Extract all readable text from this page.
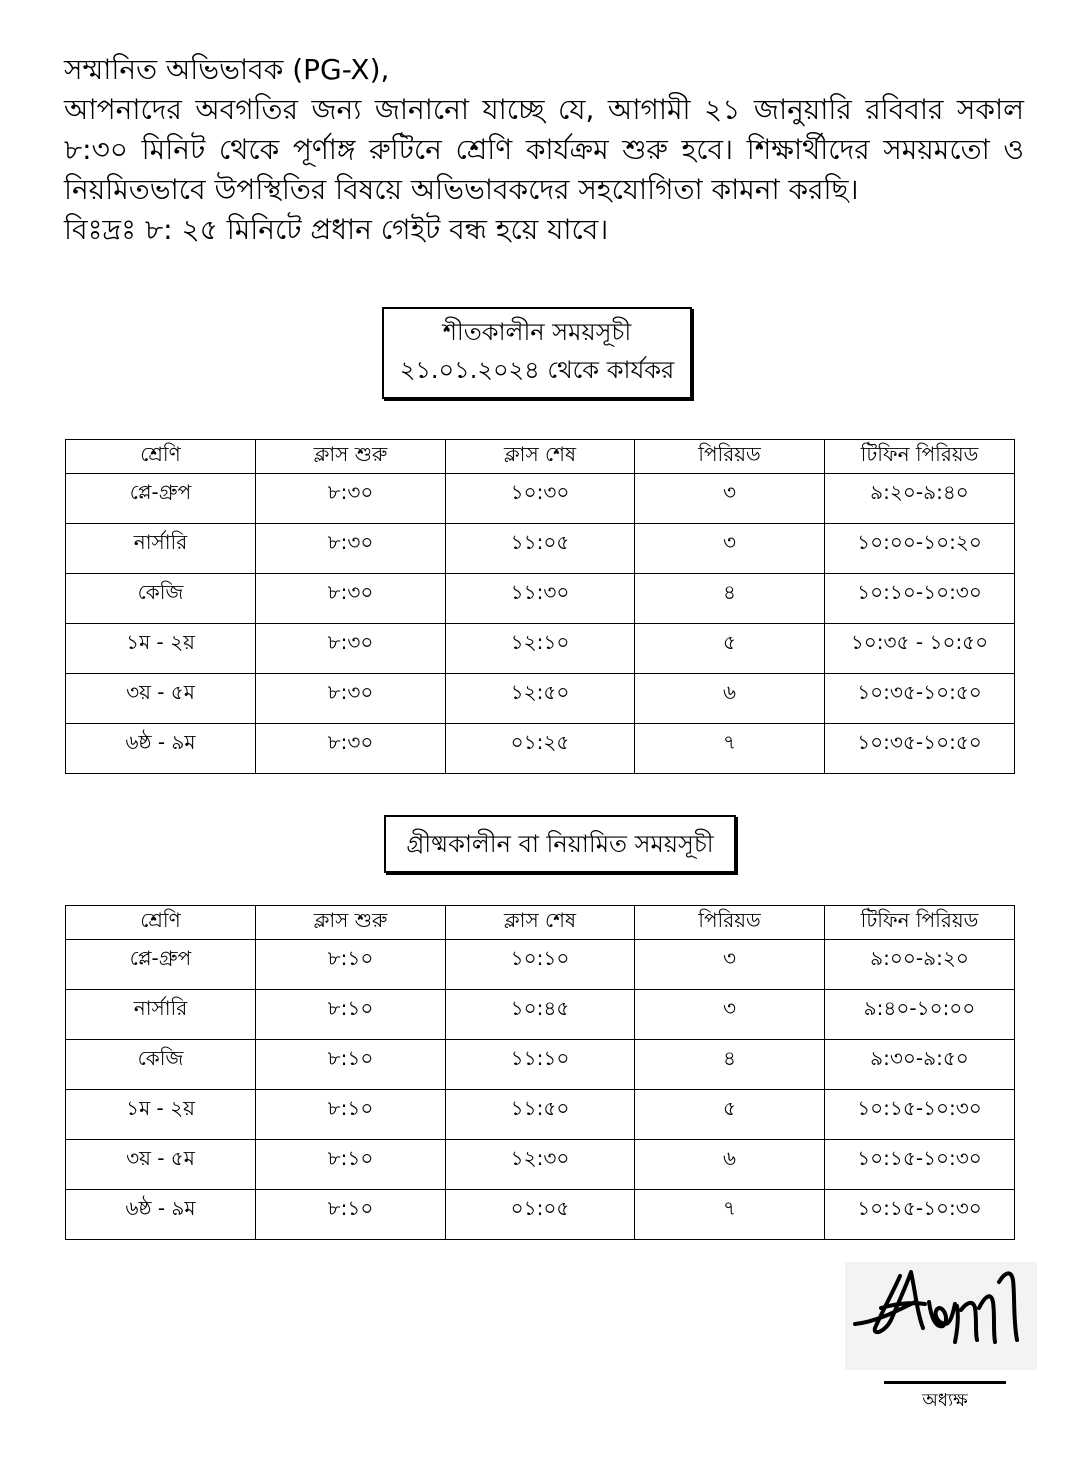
সম্মানিত অভিভাবক (PG-X),

আপনাদের অবগতির জন্য জানানো যাচ্ছে যে, আগামী ২১ জানুয়ারি রবিবার সকাল ৮:৩০ মিনিট থেকে পূর্ণাঙ্গ রুটিনে শ্রেণি কার্যক্রম শুরু হবে। শিক্ষার্থীদের সময়মতো ও নিয়মিতভাবে উপস্থিতির বিষয়ে অভিভাবকদের সহযোগিতা কামনা করছি।

বিঃদ্রঃ ৮: ২৫ মিনিটে প্রধান গেইট বন্ধ হয়ে যাবে।

শীতকালীন সময়সূচী
২১.০১.২০২৪ থেকে কার্যকর
শ্রেণি	ক্লাস শুরু	ক্লাস শেষ	পিরিয়ড	টিফিন পিরিয়ড
প্লে-গ্রুপ	৮:৩০	১০:৩০	৩	৯:২০-৯:৪০
নার্সারি	৮:৩০	১১:০৫	৩	১০:০০-১০:২০
কেজি	৮:৩০	১১:৩০	৪	১০:১০-১০:৩০
১ম - ২য়	৮:৩০	১২:১০	৫	১০:৩৫ - ১০:৫০
৩য় - ৫ম	৮:৩০	১২:৫০	৬	১০:৩৫-১০:৫০
৬ষ্ঠ - ৯ম	৮:৩০	০১:২৫	৭	১০:৩৫-১০:৫০
গ্রীষ্মকালীন বা নিয়ামিত সময়সূচী
শ্রেণি	ক্লাস শুরু	ক্লাস শেষ	পিরিয়ড	টিফিন পিরিয়ড
প্লে-গ্রুপ	৮:১০	১০:১০	৩	৯:০০-৯:২০
নার্সারি	৮:১০	১০:৪৫	৩	৯:৪০-১০:০০
কেজি	৮:১০	১১:১০	৪	৯:৩০-৯:৫০
১ম - ২য়	৮:১০	১১:৫০	৫	১০:১৫-১০:৩০
৩য় - ৫ম	৮:১০	১২:৩০	৬	১০:১৫-১০:৩০
৬ষ্ঠ - ৯ম	৮:১০	০১:০৫	৭	১০:১৫-১০:৩০
অধ্যক্ষ
